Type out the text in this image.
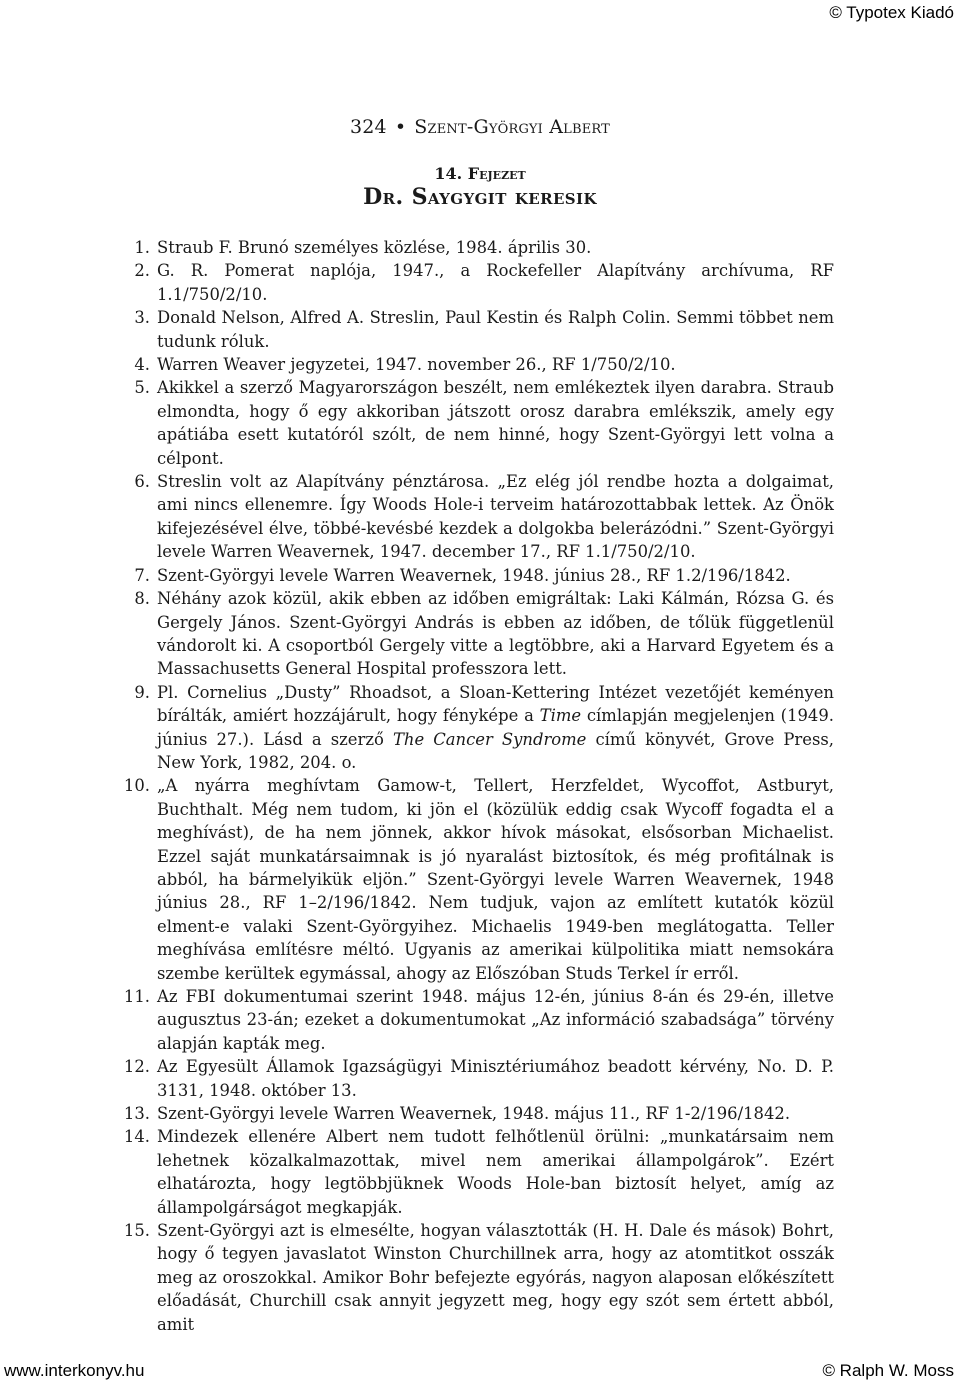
© Typotex Kiadó
324 • Szent-Györgyi Albert
14. Fejezet
Dr. Saygygit keresik
1. Straub F. Brunó személyes közlése, 1984. április 30.
2. G. R. Pomerat naplója, 1947., a Rockefeller Alapítvány archívuma, RF 1.1/750/2/10.
3. Donald Nelson, Alfred A. Streslin, Paul Kestin és Ralph Colin. Semmi többet nem tudunk róluk.
4. Warren Weaver jegyzetei, 1947. november 26., RF 1/750/2/10.
5. Akikkel a szerző Magyarországon beszélt, nem emlékeztek ilyen darabra. Straub elmondta, hogy ő egy akkoriban játszott orosz darabra emlékszik, amely egy apátiába esett kutatóról szólt, de nem hinné, hogy Szent-Györgyi lett volna a célpont.
6. Streslin volt az Alapítvány pénztárosa. „Ez elég jól rendbe hozta a dolgaimat, ami nincs ellenemre. Így Woods Hole-i terveim határozottabbak lettek. Az Önök kifejezésével élve, többé-kevésbé kezdek a dolgokba belerázódni.” Szent-Györgyi levele Warren Weavernek, 1947. december 17., RF 1.1/750/2/10.
7. Szent-Györgyi levele Warren Weavernek, 1948. június 28., RF 1.2/196/1842.
8. Néhány azok közül, akik ebben az időben emigráltak: Laki Kálmán, Rózsa G. és Gergely János. Szent-Györgyi András is ebben az időben, de tőlük függetlenül vándorolt ki. A csoportból Gergely vitte a legtöbbre, aki a Harvard Egyetem és a Massachusetts General Hospital professzora lett.
9. Pl. Cornelius „Dusty” Rhoadsot, a Sloan-Kettering Intézet vezetőjét keményen bírálták, amiért hozzájárult, hogy fényképe a Time címlapján megjelenjen (1949. június 27.). Lásd a szerző The Cancer Syndrome című könyvét, Grove Press, New York, 1982, 204. o.
10. „A nyárra meghívtam Gamow-t, Tellert, Herzfeldet, Wycoffot, Astburyt, Buchthalt. Még nem tudom, ki jön el (közülük eddig csak Wycoff fogadta el a meghívást), de ha nem jönnek, akkor hívok másokat, elsősorban Michaelist. Ezzel saját munkatársaimnak is jó nyaralást biztosítok, és még profitálnak is abból, ha bármelyikük eljön.” Szent-Györgyi levele Warren Weavernek, 1948 június 28., RF 1–2/196/1842. Nem tudjuk, vajon az említett kutatók közül elment-e valaki Szent-Györgyihez. Michaelis 1949-ben meglátogatta. Teller meghívása említésre méltó. Ugyanis az amerikai külpolitika miatt nemsokára szembe kerültek egymással, ahogy az Előszóban Studs Terkel ír erről.
11. Az FBI dokumentumai szerint 1948. május 12-én, június 8-án és 29-én, illetve augusztus 23-án; ezeket a dokumentumokat „Az információ szabadsága” törvény alapján kapták meg.
12. Az Egyesült Államok Igazságügyi Minisztériumához beadott kérvény, No. D. P. 3131, 1948. október 13.
13. Szent-Györgyi levele Warren Weavernek, 1948. május 11., RF 1-2/196/1842.
14. Mindezek ellenére Albert nem tudott felhőtlenül örülni: „munkatársaim nem lehetnek közalkalmazottak, mivel nem amerikai állampolgárok”. Ezért elhatározta, hogy legtöbbjüknek Woods Hole-ban biztosít helyet, amíg az állampolgárságot megkapják.
15. Szent-Györgyi azt is elmesélte, hogyan választották (H. H. Dale és mások) Bohrt, hogy ő tegyen javaslatot Winston Churchillnek arra, hogy az atomtitkot osszák meg az oroszokkal. Amikor Bohr befejezte egyórás, nagyon alaposan előkészített előadását, Churchill csak annyit jegyzett meg, hogy egy szót sem értett abból, amit
www.interkonyv.hu	© Ralph W. Moss
